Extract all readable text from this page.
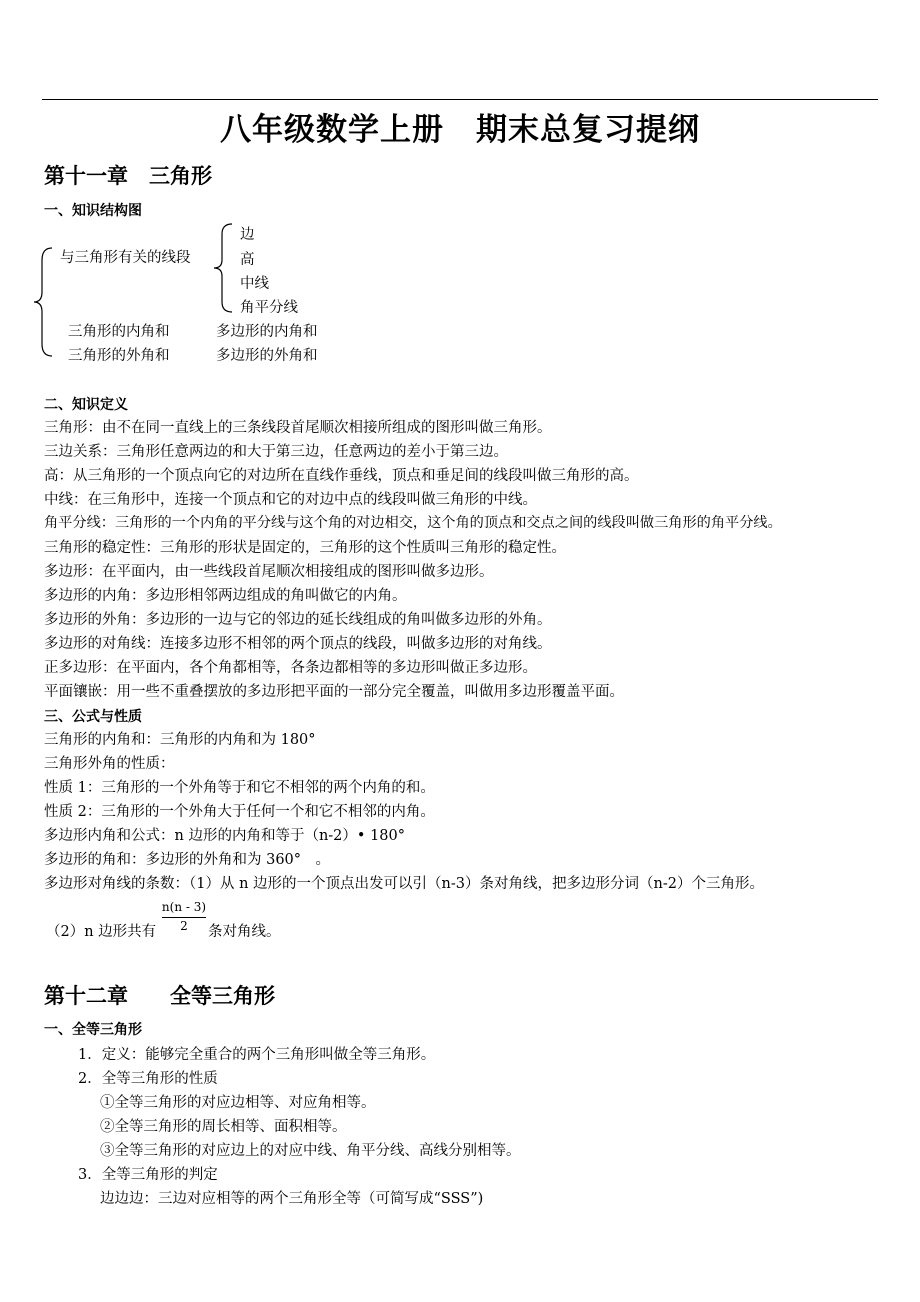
八年级数学上册　期末总复习提纲
第十一章　三角形
一、知识结构图
与三角形有关的线段
边
高
中线
角平分线
三角形的内角和	多边形的内角和
三角形的外角和	多边形的外角和
二、知识定义
三角形：由不在同一直线上的三条线段首尾顺次相接所组成的图形叫做三角形。
三边关系：三角形任意两边的和大于第三边，任意两边的差小于第三边。
高：从三角形的一个顶点向它的对边所在直线作垂线，顶点和垂足间的线段叫做三角形的高。
中线：在三角形中，连接一个顶点和它的对边中点的线段叫做三角形的中线。
角平分线：三角形的一个内角的平分线与这个角的对边相交，这个角的顶点和交点之间的线段叫做三角形的角平分线。
三角形的稳定性：三角形的形状是固定的，三角形的这个性质叫三角形的稳定性。
多边形：在平面内，由一些线段首尾顺次相接组成的图形叫做多边形。
多边形的内角：多边形相邻两边组成的角叫做它的内角。
多边形的外角：多边形的一边与它的邻边的延长线组成的角叫做多边形的外角。
多边形的对角线：连接多边形不相邻的两个顶点的线段，叫做多边形的对角线。
正多边形：在平面内，各个角都相等，各条边都相等的多边形叫做正多边形。
平面镶嵌：用一些不重叠摆放的多边形把平面的一部分完全覆盖，叫做用多边形覆盖平面。
三、公式与性质
三角形的内角和：三角形的内角和为 180°
三角形外角的性质：
性质 1：三角形的一个外角等于和它不相邻的两个内角的和。
性质 2：三角形的一个外角大于任何一个和它不相邻的内角。
多边形内角和公式：n 边形的内角和等于（n-2）• 180°
多边形的角和：多边形的外角和为 360°　。
多边形对角线的条数：（1）从 n 边形的一个顶点出发可以引（n-3）条对角线，把多边形分词（n-2）个三角形。
（2）n 边形共有
n(n - 3)
2	条对角线。
第十二章　　全等三角形
一、全等三角形
1．定义：能够完全重合的两个三角形叫做全等三角形。
2．全等三角形的性质
①全等三角形的对应边相等、对应角相等。
②全等三角形的周长相等、面积相等。
③全等三角形的对应边上的对应中线、角平分线、高线分别相等。
3．全等三角形的判定
边边边：三边对应相等的两个三角形全等（可简写成“SSS”)
